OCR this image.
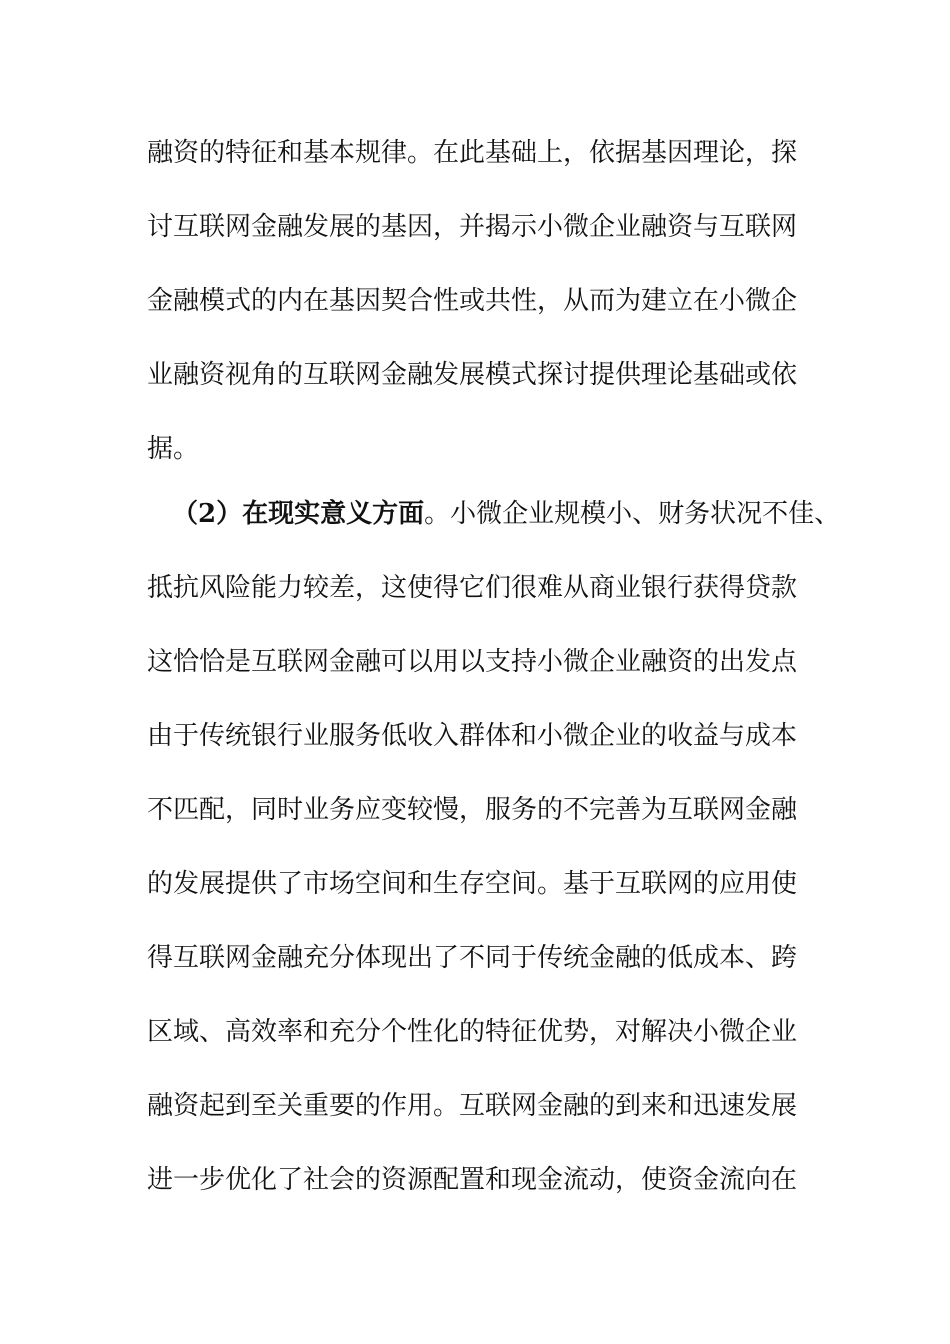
融资的特征和基本规律。在此基础上，依据基因理论，探
讨互联网金融发展的基因，并揭示小微企业融资与互联网
金融模式的内在基因契合性或共性，从而为建立在小微企
业融资视角的互联网金融发展模式探讨提供理论基础或依
据。
（2）在现实意义方面。小微企业规模小、财务状况不佳、
抵抗风险能力较差，这使得它们很难从商业银行获得贷款
这恰恰是互联网金融可以用以支持小微企业融资的出发点
由于传统银行业服务低收入群体和小微企业的收益与成本
不匹配，同时业务应变较慢，服务的不完善为互联网金融
的发展提供了市场空间和生存空间。基于互联网的应用使
得互联网金融充分体现出了不同于传统金融的低成本、跨
区域、高效率和充分个性化的特征优势，对解决小微企业
融资起到至关重要的作用。互联网金融的到来和迅速发展
进一步优化了社会的资源配置和现金流动，使资金流向在
